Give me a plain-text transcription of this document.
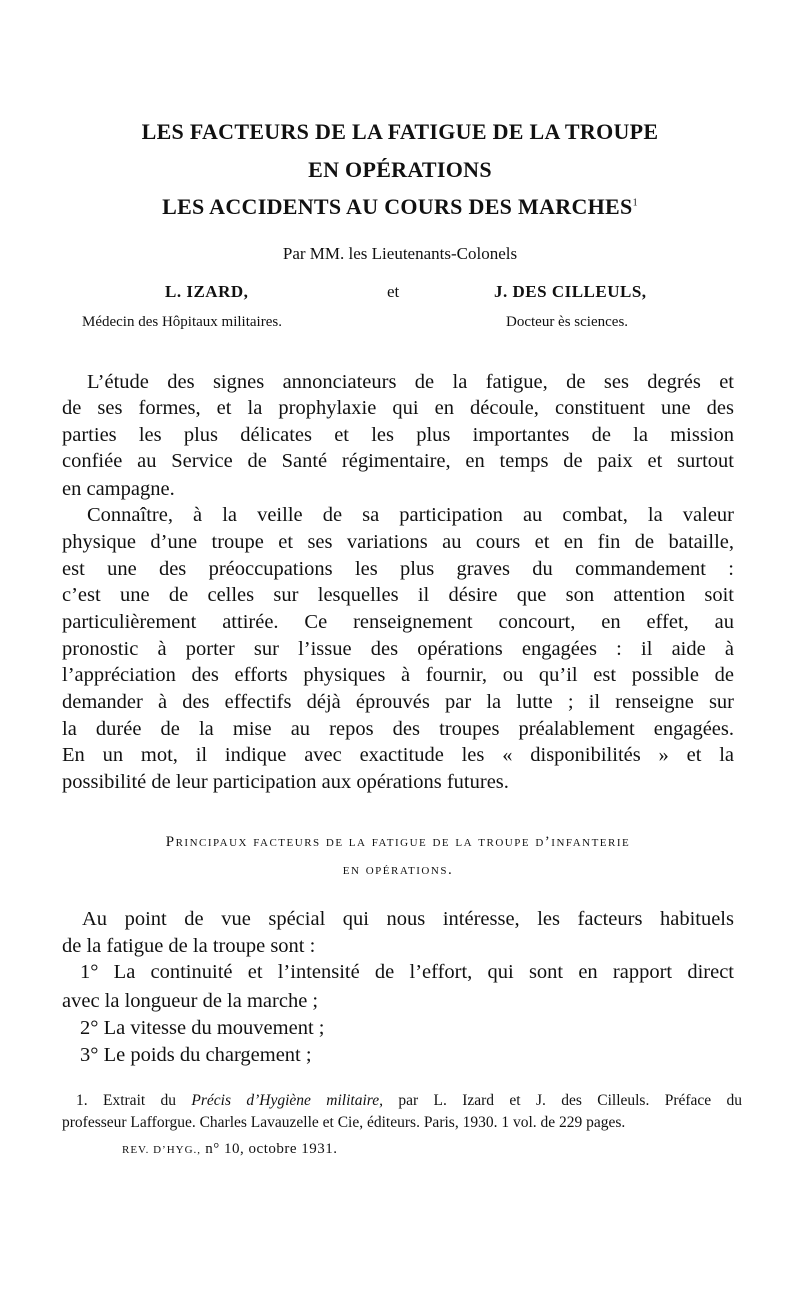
LES FACTEURS DE LA FATIGUE DE LA TROUPE
EN OPÉRATIONS
LES ACCIDENTS AU COURS DES MARCHES$^1$
Par MM. les Lieutenants-Colonels
L. IZARD,	et	J. DES CILLEULS,
Médecin des Hôpitaux militaires.	Docteur ès sciences.
L’étude des signes annonciateurs de la fatigue, de ses degrés et
de ses formes, et la prophylaxie qui en découle, constituent une des
parties les plus délicates et les plus importantes de la mission
confiée au Service de Santé régimentaire, en temps de paix et surtout
en campagne.
Connaître, à la veille de sa participation au combat, la valeur
physique d’une troupe et ses variations au cours et en fin de bataille,
est une des préoccupations les plus graves du commandement :
c’est une de celles sur lesquelles il désire que son attention soit
particulièrement attirée. Ce renseignement concourt, en effet, au
pronostic à porter sur l’issue des opérations engagées : il aide à
l’appréciation des efforts physiques à fournir, ou qu’il est possible de
demander à des effectifs déjà éprouvés par la lutte ; il renseigne sur
la durée de la mise au repos des troupes préalablement engagées.
En un mot, il indique avec exactitude les « disponibilités » et la
possibilité de leur participation aux opérations futures.
Principaux facteurs de la fatigue de la troupe d’infanterie
en opérations.
Au point de vue spécial qui nous intéresse, les facteurs habituels
de la fatigue de la troupe sont :
1° La continuité et l’intensité de l’effort, qui sont en rapport direct
avec la longueur de la marche ;
2° La vitesse du mouvement ;
3° Le poids du chargement ;
1. Extrait du Précis d’Hygiène militaire, par L. Izard et J. des Cilleuls. Préface du
professeur Lafforgue. Charles Lavauzelle et Cie, éditeurs. Paris, 1930. 1 vol. de 229 pages.
REV. D’HYG., n° 10, octobre 1931.
